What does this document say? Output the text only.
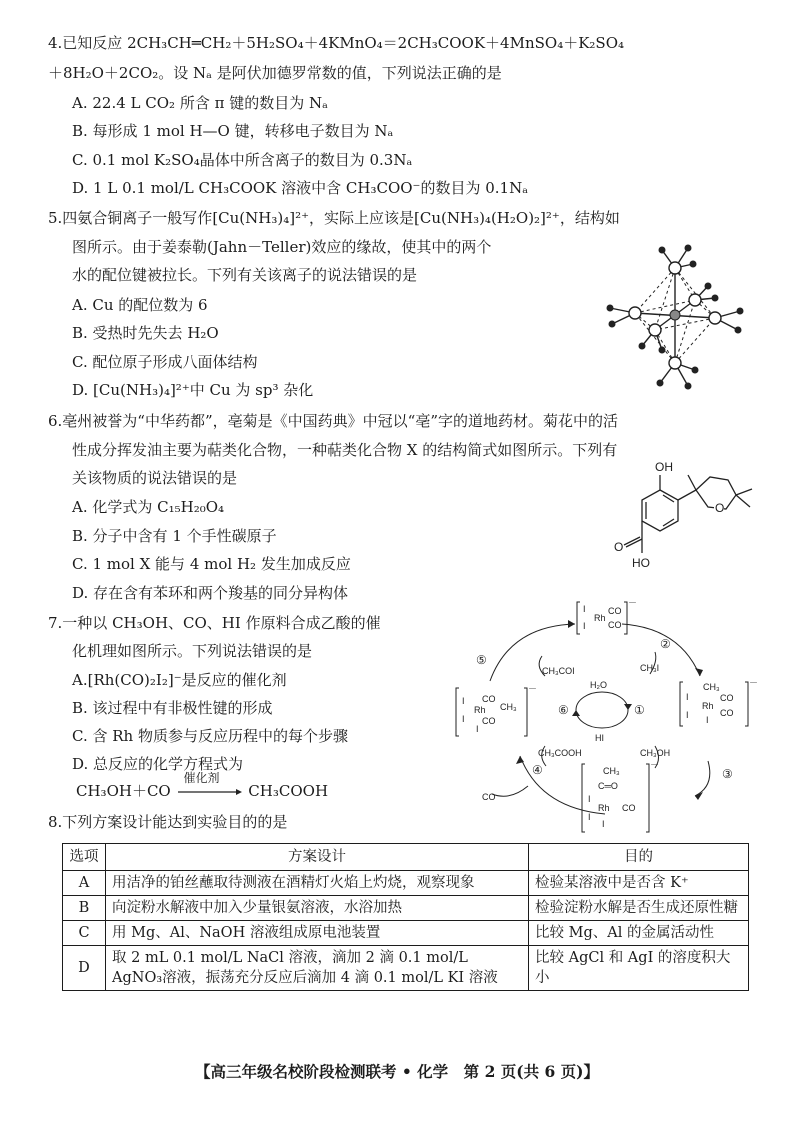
4.已知反应 2CH₃CH═CH₂＋5H₂SO₄＋4KMnO₄＝2CH₃COOK＋4MnSO₄＋K₂SO₄
＋8H₂O＋2CO₂。设 Nₐ 是阿伏加德罗常数的值，下列说法正确的是
A. 22.4 L CO₂ 所含 π 键的数目为 Nₐ
B. 每形成 1 mol H—O 键，转移电子数目为 Nₐ
C. 0.1 mol K₂SO₄晶体中所含离子的数目为 0.3Nₐ
D. 1 L 0.1 mol/L CH₃COOK 溶液中含 CH₃COO⁻的数目为 0.1Nₐ
5.四氨合铜离子一般写作[Cu(NH₃)₄]²⁺，实际上应该是[Cu(NH₃)₄(H₂O)₂]²⁺，结构如
图所示。由于姜泰勒(Jahn－Teller)效应的缘故，使其中的两个
水的配位键被拉长。下列有关该离子的说法错误的是
A. Cu 的配位数为 6
B. 受热时先失去 H₂O
C. 配位原子形成八面体结构
D. [Cu(NH₃)₄]²⁺中 Cu 为 sp³ 杂化
6.亳州被誉为“中华药都”，亳菊是《中国药典》中冠以“亳”字的道地药材。菊花中的活
性成分挥发油主要为萜类化合物，一种萜类化合物 X 的结构简式如图所示。下列有
关该物质的说法错误的是
A. 化学式为 C₁₅H₂₀O₄
B. 分子中含有 1 个手性碳原子
C. 1 mol X 能与 4 mol H₂ 发生加成反应
D. 存在含有苯环和两个羧基的同分异构体
OH
O
O
HO
7.一种以 CH₃OH、CO、HI 作原料合成乙酸的催
化机理如图所示。下列说法错误的是
A.[Rh(CO)₂I₂]⁻是反应的催化剂
B. 该过程中有非极性键的形成
C. 含 Rh 物质参与反应历程中的每个步骤
D. 总反应的化学方程式为
CH₃OH＋CO
催化剂
CH₃COOH
I
I
Rh
CO
CO
－
CH₃
I
I
Rh
CO
CO
I
－
CH₃
C═O
I
I
Rh CO
I
－
I
I
Rh
CO
CO
CH₃
I
－
CH₃COI	CH₃I
H₂O
HI
CH₃COOH	CH₃OH
CO
②
③
④
⑤
⑥	①
8.下列方案设计能达到实验目的的是
选项	方案设计	目的
A	用洁净的铂丝蘸取待测液在酒精灯火焰上灼烧，观察现象	检验某溶液中是否含 K⁺
B	向淀粉水解液中加入少量银氨溶液，水浴加热	检验淀粉水解是否生成还原性糖
C	用 Mg、Al、NaOH 溶液组成原电池装置	比较 Mg、Al 的金属活动性
D	取 2 mL 0.1 mol/L NaCl 溶液，滴加 2 滴 0.1 mol/L AgNO₃溶液，振荡充分反应后滴加 4 滴 0.1 mol/L KI 溶液	比较 AgCl 和 AgI 的溶度积大小
【高三年级名校阶段检测联考 • 化学　第 2 页(共 6 页)】
